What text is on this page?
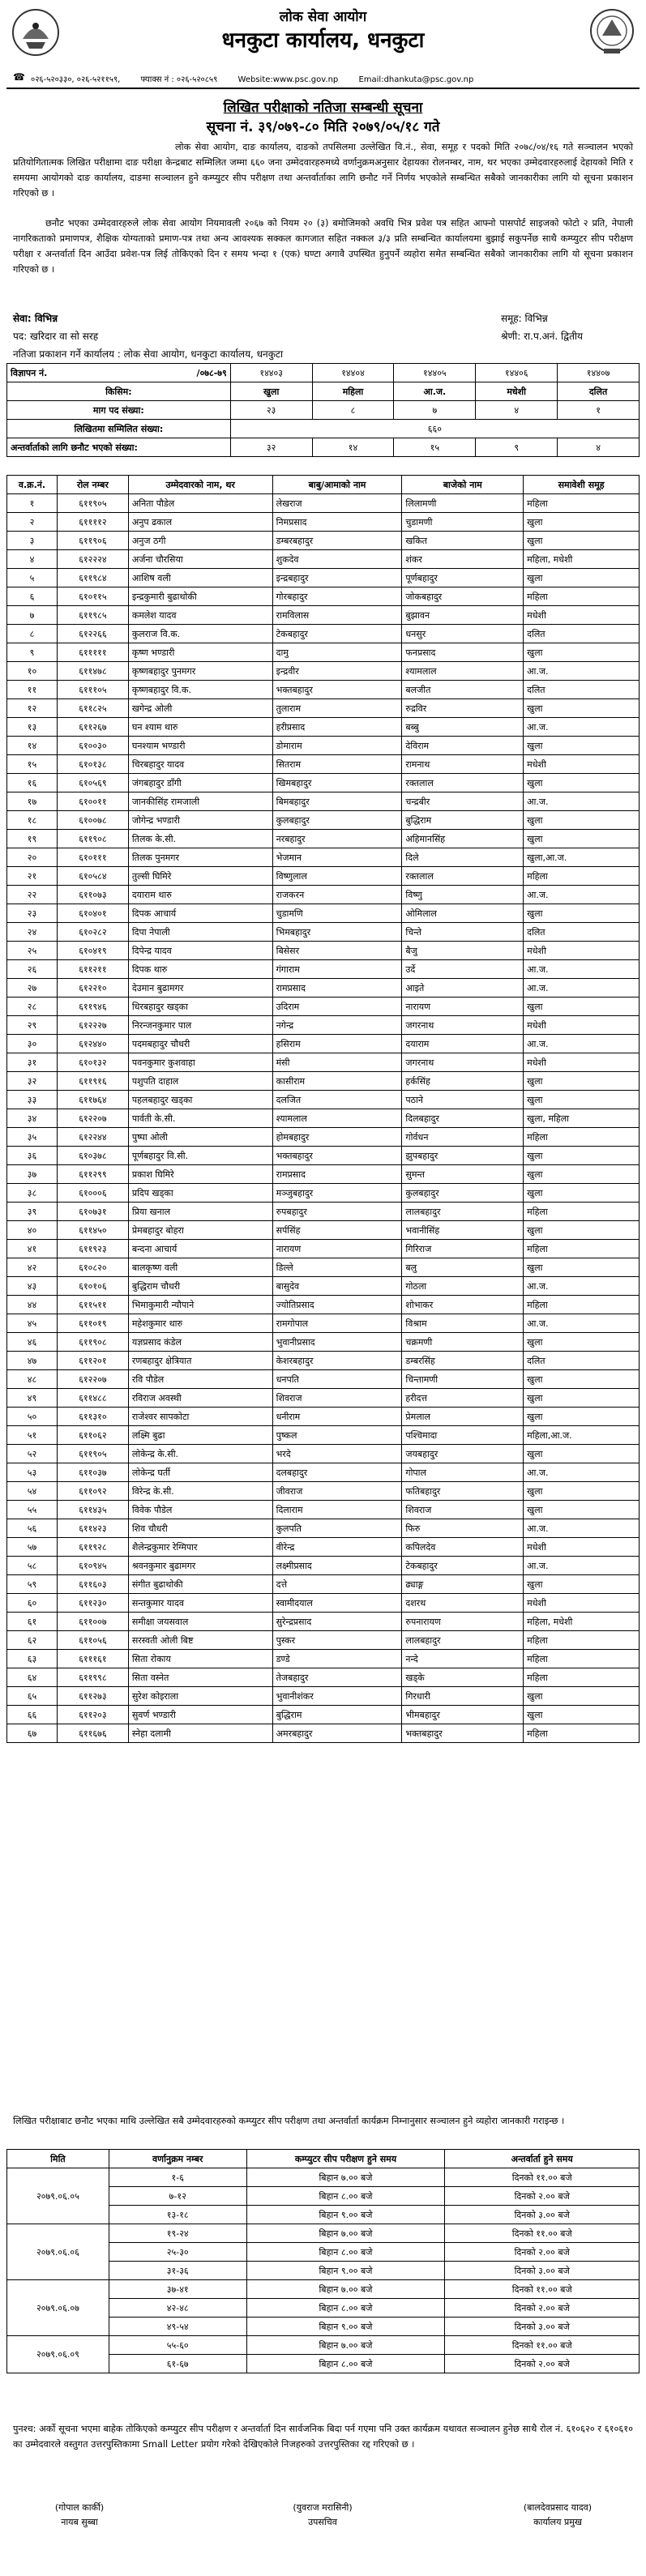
लोक सेवा आयोग
धनकुटा कार्यालय, धनकुटा
☎ ०२६-५२०३३०, ०२६-५२११५९,	फ्याक्स नं : ०२६-५२०८५९	Website:www.psc.gov.np	Email:dhankuta@psc.gov.np
लिखित परीक्षाको नतिजा सम्बन्धी सूचना
सूचना नं. ३९/०७९-८० मिति २०७९/०५/१८ गते
लोक सेवा आयोग, दाङ कार्यालय, दाङको तपसिलमा उल्लेखित वि.नं., सेवा, समूह र पदको मिति २०७८/०४/१६ गते सञ्चालन भएको प्रतियोगितात्मक लिखित परीक्षामा दाङ परीक्षा केन्द्रबाट सम्मिलित जम्मा ६६० जना उम्मेदवारहरुमध्ये वर्णानुक्रमअनुसार देहायका रोलनम्बर, नाम, थर भएका उम्मेदवारहरुलाई देहायको मिति र समयमा आयोगको दाङ कार्यालय, दाङमा सञ्चालन हुने कम्प्युटर सीप परीक्षण तथा अन्तर्वार्ताका लागि छनौट गर्ने निर्णय भएकोले सम्बन्धित सबैको जानकारीका लागि यो सूचना प्रकाशन गरिएको छ ।
छनौट भएका उम्मेदवारहरुले लोक सेवा आयोग नियमावली २०६७ को नियम २० (३) बमोजिमको अवधि भित्र प्रवेश पत्र सहित आफ्नो पासपोर्ट साइजको फोटो २ प्रति, नेपाली नागरिकताको प्रमाणपत्र, शैक्षिक योग्यताको प्रमाण-पत्र तथा अन्य आवश्यक सक्कल कागजात सहित नक्कल ३/३ प्रति सम्बन्धित कार्यालयमा बुझाई सकुपर्नेछ साथै कम्प्युटर सीप परीक्षण परीक्षा र अन्तर्वार्ता दिन आउँदा प्रवेश-पत्र लिई तोकिएको दिन र समय भन्दा १ (एक) घण्टा अगावै उपस्थित हुनुपर्ने व्यहोरा समेत सम्बन्धित सबैको जानकारीका लागि यो सूचना प्रकाशन गरिएको छ ।
सेवा: विभिन्न	समूह: विभिन्न
पद: खरिदार वा सो सरह	श्रेणी: रा.प.अनं. द्वितीय
नतिजा प्रकाशन गर्ने कार्यालय : लोक सेवा आयोग, धनकुटा कार्यालय, धनकुटा
विज्ञापन नं. /०७८-७९	१४४०३	१४४०४	१४४०५	१४४०६	१४४०७
किसिम:	खुला	महिला	आ.ज.	मधेशी	दलित
माग पद संख्या:	२३	८	७	४	१
लिखितमा सम्मिलित संख्या:	६६०				
अन्तर्वार्ताको लागि छनौट भएको संख्या:	३२	१४	१५	९	४
व.क्र.नं.	रोल नम्बर	उम्मेदवारको नाम, थर	बाबु/आमाको नाम	बाजेको नाम	समावेशी समूह
१	६११९०५	अनिता पौडेल	लेखराज	लिलामणी	महिला
२	६११११२	अनुप ढकाल	निमप्रसाद	चुडामणी	खुला
३	६११९०६	अनुज ठगी	डम्बरबहादुर	खकित	खुला
४	६१२२२४	अर्जना चौरसिया	शुकदेव	शंकर	महिला, मधेशी
५	६११९८४	आशिष वली	इन्द्रबहादुर	पूर्णबहादुर	खुला
६	६१०११५	इन्द्रकुमारी बुढाथोकी	गोरबहादुर	जोकबहादुर	महिला
७	६११९८५	कमलेश यादव	रामविलास	बुझावन	मधेशी
८	६१२२६६	कुलराज वि.क.	टेकबहादुर	धनसुर	दलित
९	६१११११	कृष्ण भण्डारी	दामु	फनप्रसाद	खुला
१०	६११४७८	कृष्णबहादुर पुनमगर	इन्द्रवीर	श्यामलाल	आ.ज.
११	६१११०५	कृष्णबहादुर वि.क.	भक्तबहादुर	बलजीत	दलित
१२	६११८२५	खगेन्द्र ओली	तुलाराम	रुद्रविर	खुला
१३	६११२६७	घन श्याम थारु	हरीप्रसाद	बब्बु	आ.ज.
१४	६१००३०	घनश्याम भण्डारी	डोमाराम	देविराम	खुला
१५	६१०१३८	चिरबहादुर यादव	सितराम	रामनाथ	मधेशी
१६	६१०५६९	जंगबहादुर डाँगी	खिमबहादुर	रक्तलाल	खुला
१७	६१००११	जानकीसिंह रामजाली	बिमबहादुर	चन्द्रबीर	आ.ज.
१८	६१००७८	जोगेन्द्र भण्डारी	कुलबहादुर	बुद्धिराम	खुला
१९	६११९०८	तिलक के.सी.	नरबहादुर	अहिमानसिंह	खुला
२०	६१०१११	तिलक पुनमगर	भेजमान	दिले	खुला,आ.ज.
२१	६१०५८४	तुल्सी घिमिरे	विष्णुलाल	रक्तलाल	महिला
२२	६११०७३	दयाराम थारु	राजकरन	विष्णु	आ.ज.
२३	६१०४०१	दिपक आचार्य	चुडामणि	ओमिलाल	खुला
२४	६१०२८२	दिपा नेपाली	भिमबहादुर	चिन्ते	दलित
२५	६१०४१९	दिपेन्द्र यादव	बिसेसर	बैजु	मधेशी
२६	६११२११	दिपक थारु	गंगाराम	उर्दे	आ.ज.
२७	६१२२१०	देउमान बुढामगर	रामप्रसाद	आइते	आ.ज.
२८	६११९४६	धिरबहादुर खड्का	उदिराम	नारायण	खुला
२९	६१२२२७	निरन्जनकुमार पाल	नगेन्द्र	जगरनाथ	मधेशी
३०	६१२४४०	पदमबहादुर चौधरी	हसिराम	दयाराम	आ.ज.
३१	६१०१३२	पवनकुमार कुशवाहा	मंसी	जगरनाथ	मधेशी
३२	६११९१६	पशुपति दाहाल	कासीराम	हर्कसिंह	खुला
३३	६११७६४	पहलबहादुर खड्का	दलजित	पठाने	खुला
३४	६१२२०७	पार्वती के.सी.	श्यामलाल	दिलबहादुर	खुला, महिला
३५	६१२२४४	पुष्पा ओली	होमबहादुर	गोर्वधन	महिला
३६	६१०३७८	पूर्णबहादुर वि.सी.	भक्तबहादुर	झुपबहादुर	खुला
३७	६११२९९	प्रकाश घिमिरे	रामप्रसाद	सुमन्त	खुला
३८	६१०००६	प्रदिप खड्का	मञ्जुबहादुर	कुलबहादुर	खुला
३९	६१०७३१	प्रिया खनाल	रुपबहादुर	लालबहादुर	महिला
४०	६११४५०	प्रेमबहादुर बोहरा	सर्पसिंह	भवानीसिंह	खुला
४१	६११९२३	बन्दना आचार्य	नारायण	गिरिराज	महिला
४२	६१०८२०	बालकृष्ण वली	डिल्ले	बलु	खुला
४३	६१०१०६	बुद्धिराम चौधरी	बासुदेव	गोठला	आ.ज.
४४	६११५११	भिमाकुमारी न्यौपाने	ज्योतिप्रसाद	शोभाकर	महिला
४५	६११०१९	महेशकुमार थारु	रामगोपाल	विश्राम	आ.ज.
४६	६११९०८	यज्ञप्रसाद कंडेल	भुवानीप्रसाद	चक्रमणी	खुला
४७	६११२०१	रणबहादुर क्षेत्रियात	केशरबहादुर	डम्बरसिंह	दलित
४८	६१२२०७	रवि पौडेल	धनपति	चिन्तामणी	खुला
४९	६११४८८	रविराज अवस्थी	शिवराज	हरीदत्त	खुला
५०	६११३१०	राजेश्वर सापकोटा	धनीराम	प्रेमलाल	खुला
५१	६११०६२	लक्ष्मि बुढा	पुष्कल	पश्चिमादा	महिला,आ.ज.
५२	६११९०५	लोकेन्द्र के.सी.	भरदे	जयबहादुर	खुला
५३	६११०३७	लोकेन्द्र घर्ती	दलबहादुर	गोपाल	आ.ज.
५४	६११०९२	विरेन्द्र के.सी.	जीवराज	फतिबहादुर	खुला
५५	६११४३५	विवेक पौडेल	दिलाराम	शिवराज	खुला
५६	६११४२३	शिव चौधरी	कुलपति	फिरु	आ.ज.
५७	६११९२८	शैलेन्द्रकुमार रेग्मिपार	वीरेन्द्र	कपिलदेव	मधेशी
५८	६१०९४५	श्रवनकुमार बुढामगर	लक्ष्मीप्रसाद	टेकबहादुर	आ.ज.
५९	६११६०३	संगीत बुढाथोकी	दत्ते	ढ्याङ्ग	खुला
६०	६११२३०	सन्तकुमार यादव	स्वामीदयाल	दशरथ	मधेशी
६१	६११००७	समीक्षा जयसवाल	सुरेन्द्रप्रसाद	रुपनारायण	महिला, मधेशी
६२	६११०५६	सरस्वती ओली बिष्ट	पुस्कर	लालबहादुर	महिला
६३	६१११६१	सिता रोकाय	डण्डे	नन्दे	महिला
६४	६११९९८	सिता वस्नेत	तेजबहादुर	खड्के	महिला
६५	६११२७३	सुरेश कोइराला	भुवानीशंकर	गिरधारी	खुला
६६	६११२०३	सुवर्ण भण्डारी	बुद्धिराम	भीमबहादुर	खुला
६७	६११६७६	स्नेहा दलामी	अमरबहादुर	भक्तबहादुर	महिला
लिखित परीक्षाबाट छनौट भएका माथि उल्लेखित सबै उम्मेदवारहरुको कम्प्युटर सीप परीक्षण तथा अन्तर्वार्ता कार्यक्रम निम्नानुसार सञ्चालन हुने व्यहोरा जानकारी गराइन्छ ।
मिति	वर्णानुक्रम नम्बर	कम्प्युटर सीप परीक्षण हुने समय	अन्तर्वार्ता हुने समय
२०७९.०६.०५	१-६	बिहान ७.०० बजे	दिनको ११.०० बजे
	७-१२	बिहान ८.०० बजे	दिनको २.०० बजे
	१३-१८	बिहान ९.०० बजे	दिनको ३.०० बजे
२०७९.०६.०६	१९-२४	बिहान ७.०० बजे	दिनको ११.०० बजे
	२५-३०	बिहान ८.०० बजे	दिनको २.०० बजे
	३१-३६	बिहान ९.०० बजे	दिनको ३.०० बजे
२०७९.०६.०७	३७-४१	बिहान ७.०० बजे	दिनको ११.०० बजे
	४२-४८	बिहान ८.०० बजे	दिनको २.०० बजे
	४९-५४	बिहान ९.०० बजे	दिनको ३.०० बजे
२०७९.०६.०९	५५-६०	बिहान ७.०० बजे	दिनको ११.०० बजे
	६१-६७	बिहान ८.०० बजे	दिनको २.०० बजे
पुनश्च: अर्को सूचना भएमा बाहेक तोकिएको कम्प्युटर सीप परीक्षण र अन्तर्वार्ता दिन सार्वजनिक बिदा पर्न गएमा पनि उक्त कार्यक्रम यथावत सञ्चालन हुनेछ साथै रोल नं. ६१०६२० र ६१०६१० का उम्मेदवारले वस्तुगत उत्तरपुस्तिकामा Small Letter प्रयोग गरेको देखिएकोले निजहरुको उत्तरपुस्तिका रद्द गरिएको छ ।
(गोपाल कार्की)
नायब सुब्बा
(युवराज मरासिनी)
उपसचिव
(बालदेवप्रसाद यादव)
कार्यालय प्रमुख
